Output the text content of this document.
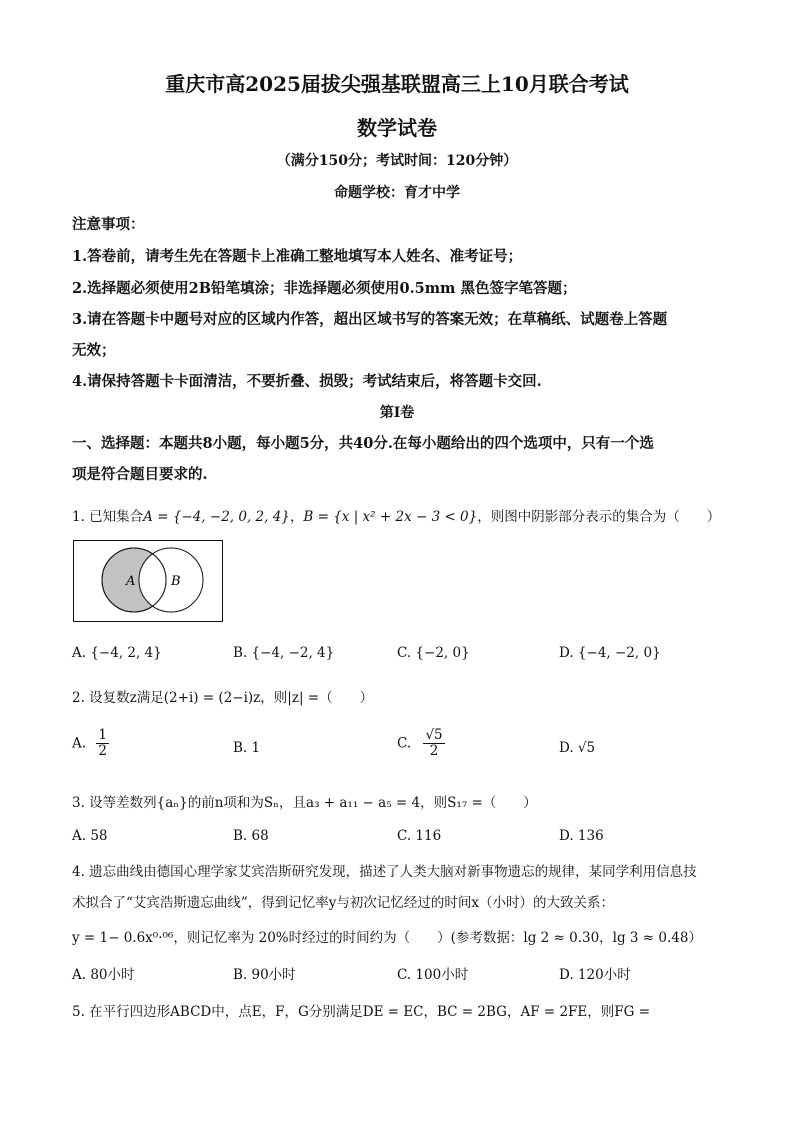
重庆市高2025届拔尖强基联盟高三上10月联合考试
数学试卷
（满分150分；考试时间：120分钟）
命题学校：育才中学
注意事项：
1.答卷前，请考生先在答题卡上准确工整地填写本人姓名、准考证号；
2.选择题必须使用2B铅笔填涂；非选择题必须使用0.5mm 黑色签字笔答题；
3.请在答题卡中题号对应的区域内作答，超出区域书写的答案无效；在草稿纸、试题卷上答题
无效；
4.请保持答题卡卡面清洁，不要折叠、损毁；考试结束后，将答题卡交回.
第I卷
一、选择题：本题共8小题，每小题5分，共40分.在每小题给出的四个选项中，只有一个选
项是符合题目要求的.
1. 已知集合A = {−4, −2, 0, 2, 4}，B = {x | x² + 2x − 3 < 0}，则图中阴影部分表示的集合为（　　）
A	B
A. {−4, 2, 4}	B. {−4, −2, 4}	C. {−2, 0}	D. {−4, −2, 0}
2. 设复数z满足(2+i) = (2−i)z，则|z| =（　　）
A. $\frac{1}{2}$	B. 1	C. $\frac{√5}{2}$	D. √5
3. 设等差数列{aₙ}的前n项和为Sₙ，且a₃ + a₁₁ − a₅ = 4，则S₁₇ =（　　）
A. 58	B. 68	C. 116	D. 136
4. 遗忘曲线由德国心理学家艾宾浩斯研究发现，描述了人类大脑对新事物遗忘的规律，某同学利用信息技
术拟合了“艾宾浩斯遗忘曲线”，得到记忆率y与初次记忆经过的时间x（小时）的大致关系：
y = 1− 0.6x⁰·⁰⁶，则记忆率为 20%时经过的时间约为（　　）(参考数据：lg 2 ≈ 0.30，lg 3 ≈ 0.48）
A. 80小时	B. 90小时	C. 100小时	D. 120小时
5. 在平行四边形ABCD中，点E，F，G分别满足DE = EC，BC = 2BG，AF = 2FE，则FG =
